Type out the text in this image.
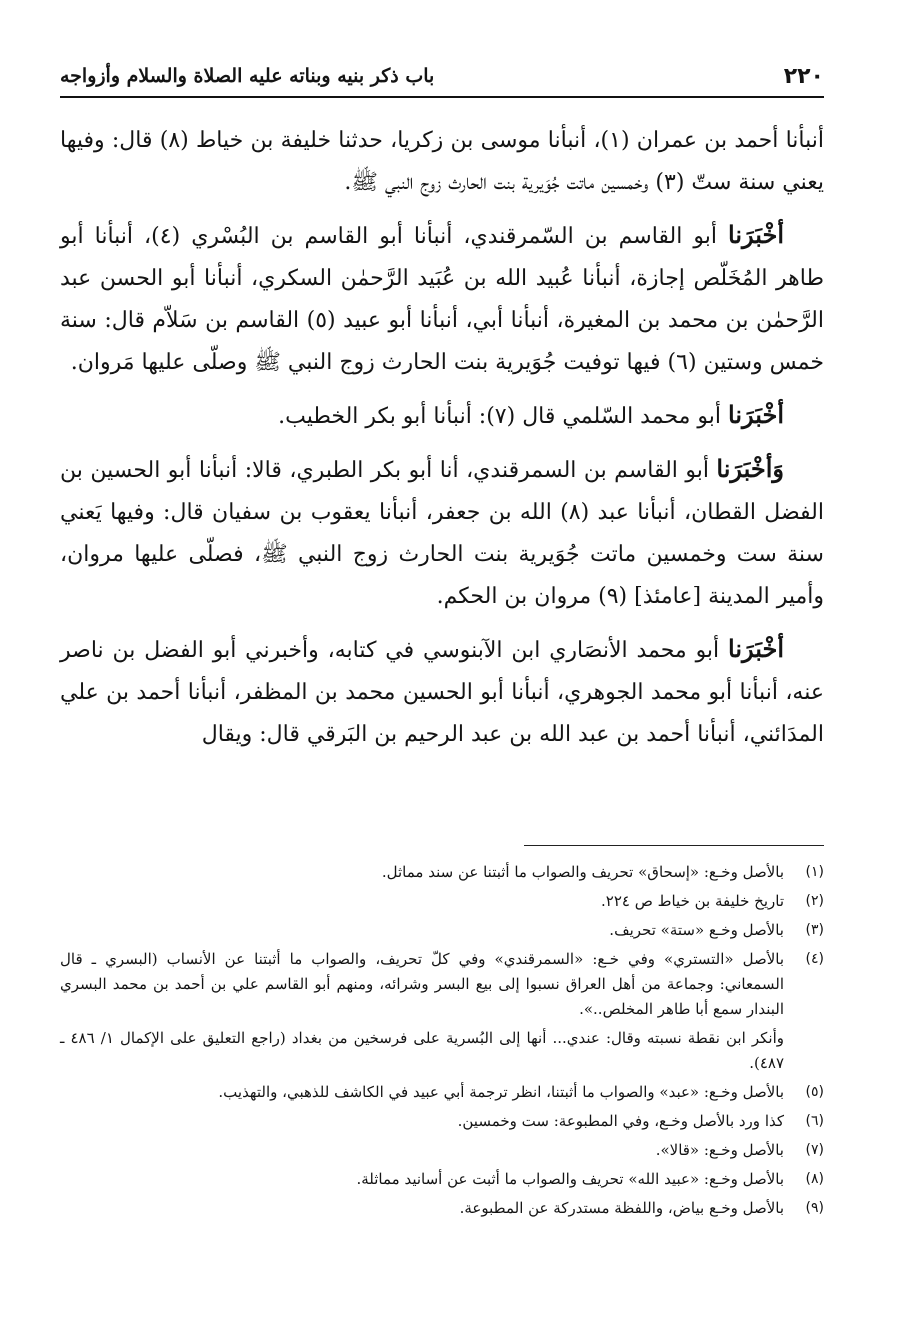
٢٢٠
باب ذكر بنيه وبناته عليه الصلاة والسلام وأزواجه

أنبأنا أحمد بن عمران (١)، أنبأنا موسى بن زكريا، حدثنا خليفة بن خياط (٨) قال: وفيها يعني سنة ستّ (٣) وخمسين ماتت جُوَيرية بنت الحارث زوج النبي ﷺ.

أخْبَرَنا أبو القاسم بن السّمرقندي، أنبأنا أبو القاسم بن البُسْري (٤)، أنبأنا أبو طاهر المُخَلّص إجازة، أنبأنا عُبيد الله بن عُبَيد الرَّحمٰن السكري، أنبأنا أبو الحسن عبد الرَّحمٰن بن محمد بن المغيرة، أنبأنا أبي، أنبأنا أبو عبيد (٥) القاسم بن سَلاّم قال: سنة خمس وستين (٦) فيها توفيت جُوَيرية بنت الحارث زوج النبي ﷺ وصلّى عليها مَروان.

أخْبَرَنا أبو محمد السّلمي قال (٧): أنبأنا أبو بكر الخطيب.

وَأخْبَرَنا أبو القاسم بن السمرقندي، أنا أبو بكر الطبري، قالا: أنبأنا أبو الحسين بن الفضل القطان، أنبأنا عبد (٨) الله بن جعفر، أنبأنا يعقوب بن سفيان قال: وفيها يَعني سنة ست وخمسين ماتت جُوَيرية بنت الحارث زوج النبي ﷺ، فصلّى عليها مروان، وأمير المدينة [عامئذ] (٩) مروان بن الحكم.

أخْبَرَنا أبو محمد الأنصَاري ابن الآبنوسي في كتابه، وأخبرني أبو الفضل بن ناصر عنه، أنبأنا أبو محمد الجوهري، أنبأنا أبو الحسين محمد بن المظفر، أنبأنا أحمد بن علي المدَائني، أنبأنا أحمد بن عبد الله بن عبد الرحيم بن البَرقي قال: ويقال

(١)
بالأصل وخـع: «إسحاق» تحريف والصواب ما أثبتنا عن سند مماثل.
(٢)
تاريخ خليفة بن خياط ص ٢٢٤.
(٣)
بالأصل وخـع «ستة» تحريف.
(٤)
بالأصل «التستري» وفي خـع: «السمرقندي» وفي كلّ تحريف، والصواب ما أثبتنا عن الأنساب (البسري ـ قال السمعاني: وجماعة من أهل العراق نسبوا إلى بيع البسر وشرائه، ومنهم أبو القاسم علي بن أحمد بن محمد البسري البندار سمع أبا طاهر المخلص..».
وأنكر ابن نقطة نسبته وقال: عندي... أنها إلى البُسرية على فرسخين من بغداد (راجع التعليق على الإكمال ١/ ٤٨٦ ـ ٤٨٧).
(٥)
بالأصل وخـع: «عبد» والصواب ما أثبتنا، انظر ترجمة أبي عبيد في الكاشف للذهبي، والتهذيب.
(٦)
كذا ورد بالأصل وخـع، وفي المطبوعة: ست وخمسين.
(٧)
بالأصل وخـع: «قالا».
(٨)
بالأصل وخـع: «عبيد الله» تحريف والصواب ما أثبت عن أسانيد مماثلة.
(٩)
بالأصل وخـع بياض، واللفظة مستدركة عن المطبوعة.
